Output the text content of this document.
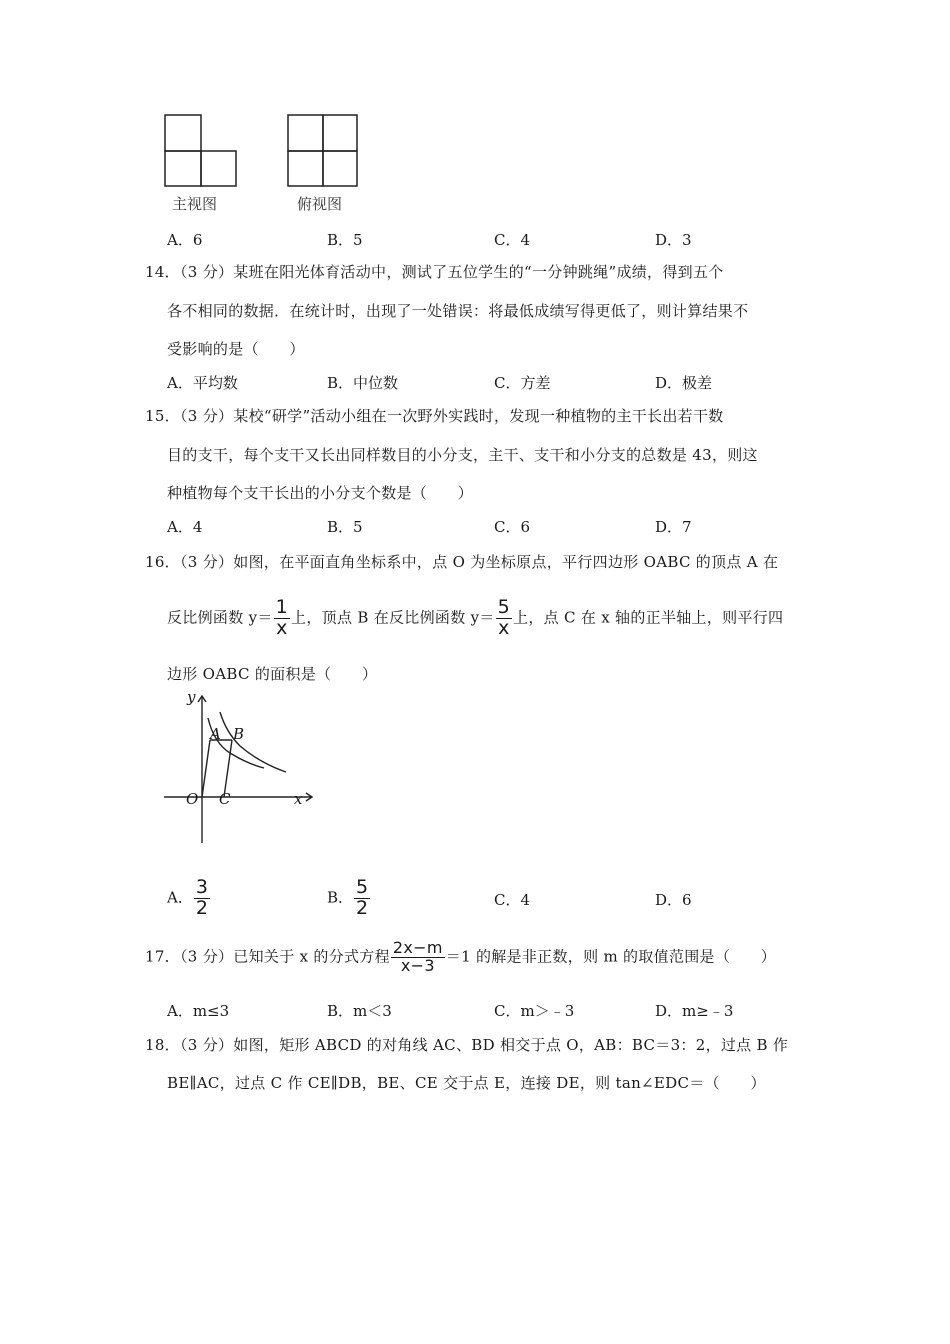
主视图	俯视图
A．6	B．5	C．4	D．3
14．（3 分）某班在阳光体育活动中，测试了五位学生的“一分钟跳绳”成绩，得到五个
各不相同的数据．在统计时，出现了一处错误：将最低成绩写得更低了，则计算结果不
受影响的是（　　）
A．平均数	B．中位数	C．方差	D．极差
15．（3 分）某校“研学”活动小组在一次野外实践时，发现一种植物的主干长出若干数
目的支干，每个支干又长出同样数目的小分支，主干、支干和小分支的总数是 43，则这
种植物每个支干长出的小分支个数是（　　）
A．4	B．5	C．6	D．7
16．（3 分）如图，在平面直角坐标系中，点 O 为坐标原点，平行四边形 OABC 的顶点 A 在
反比例函数 $y= \frac{1}{x}$ 上，顶点 B 在反比例函数 $y= \frac{5}{x}$ 上，点 C 在 x 轴的正半轴上，则平行四
边形 OABC 的面积是（　　）
y
A B
O C	x
A． $\frac{3}{2}$	B． $\frac{5}{2}$	C．4	D．6
17．（3 分）已知关于 x 的分式方程 $\frac{2x-m}{x-3} =1$ 的解是非正数，则 m 的取值范围是（　　）
A．m≤3	B．m＜3	C．m＞﹣3	D．m≥﹣3
18．（3 分）如图，矩形 ABCD 的对角线 AC、BD 相交于点 O，AB：BC＝3：2，过点 B 作
BE∥AC，过点 C 作 CE∥DB，BE、CE 交于点 E，连接 DE，则 tan∠EDC＝（　　）
